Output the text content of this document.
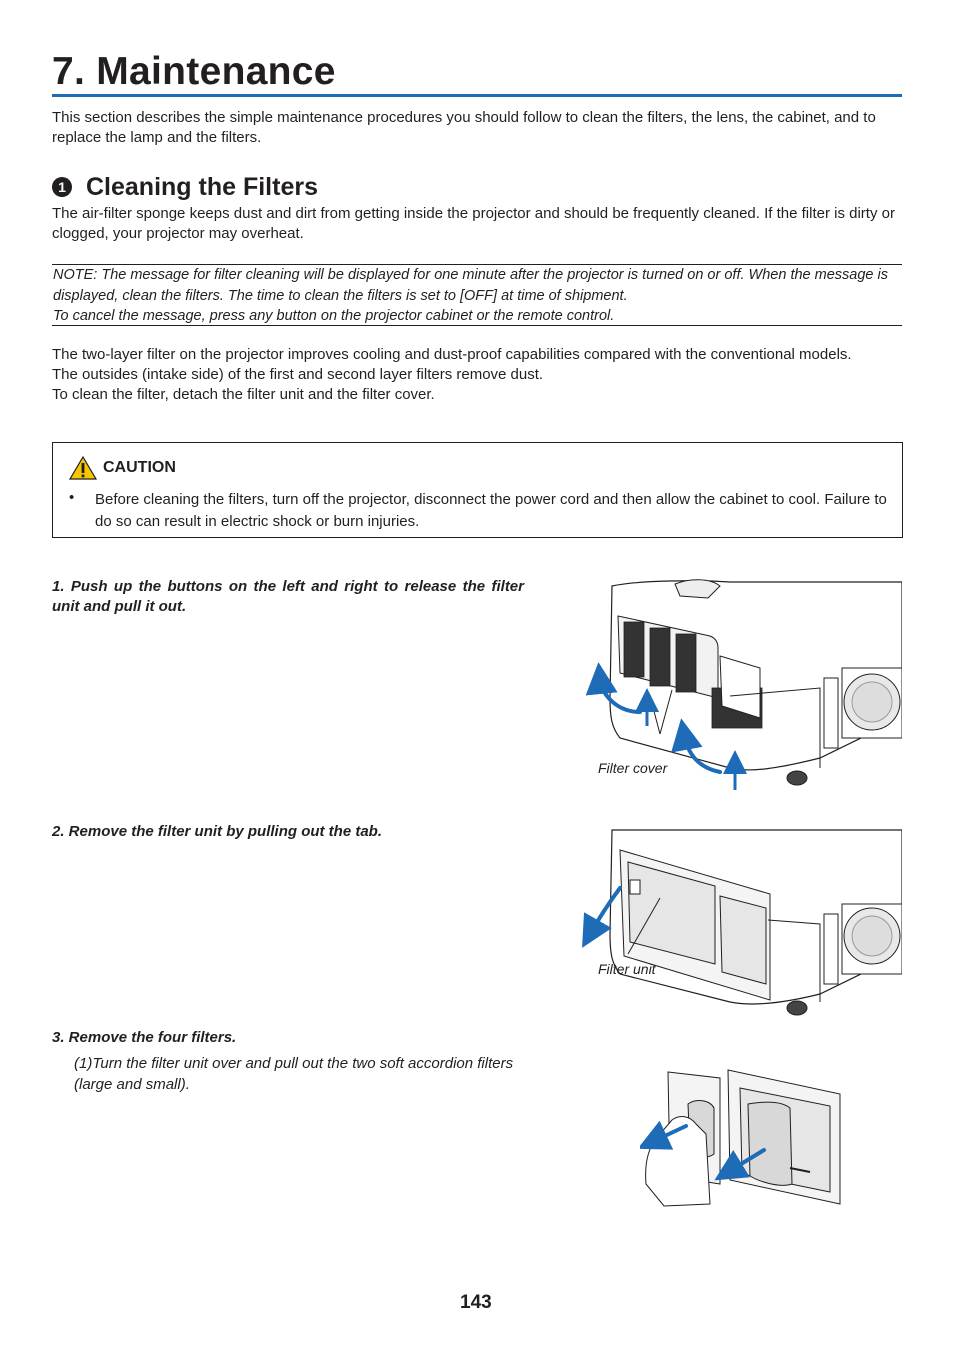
7. Maintenance
This section describes the simple maintenance procedures you should follow to clean the filters, the lens, the cabinet, and to replace the lamp and the filters.
1 Cleaning the Filters
The air-filter sponge keeps dust and dirt from getting inside the projector and should be frequently cleaned. If the filter is dirty or clogged, your projector may overheat.
NOTE: The message for filter cleaning will be displayed for one minute after the projector is turned on or off. When the message is displayed, clean the filters. The time to clean the filters is set to [OFF] at time of shipment.
To cancel the message, press any button on the projector cabinet or the remote control.
The two-layer filter on the projector improves cooling and dust-proof capabilities compared with the conventional models.
The outsides (intake side) of the first and second layer filters remove dust.
To clean the filter, detach the filter unit and the filter cover.
CAUTION
• Before cleaning the filters, turn off the projector, disconnect the power cord and then allow the cabinet to cool. Failure to do so can result in electric shock or burn injuries.
1. Push up the buttons on the left and right to release the filter unit and pull it out.
2. Remove the filter unit by pulling out the tab.
3. Remove the four filters.
(1)Turn the filter unit over and pull out the two soft accordion filters (large and small).
Filter cover
Filter unit
143
